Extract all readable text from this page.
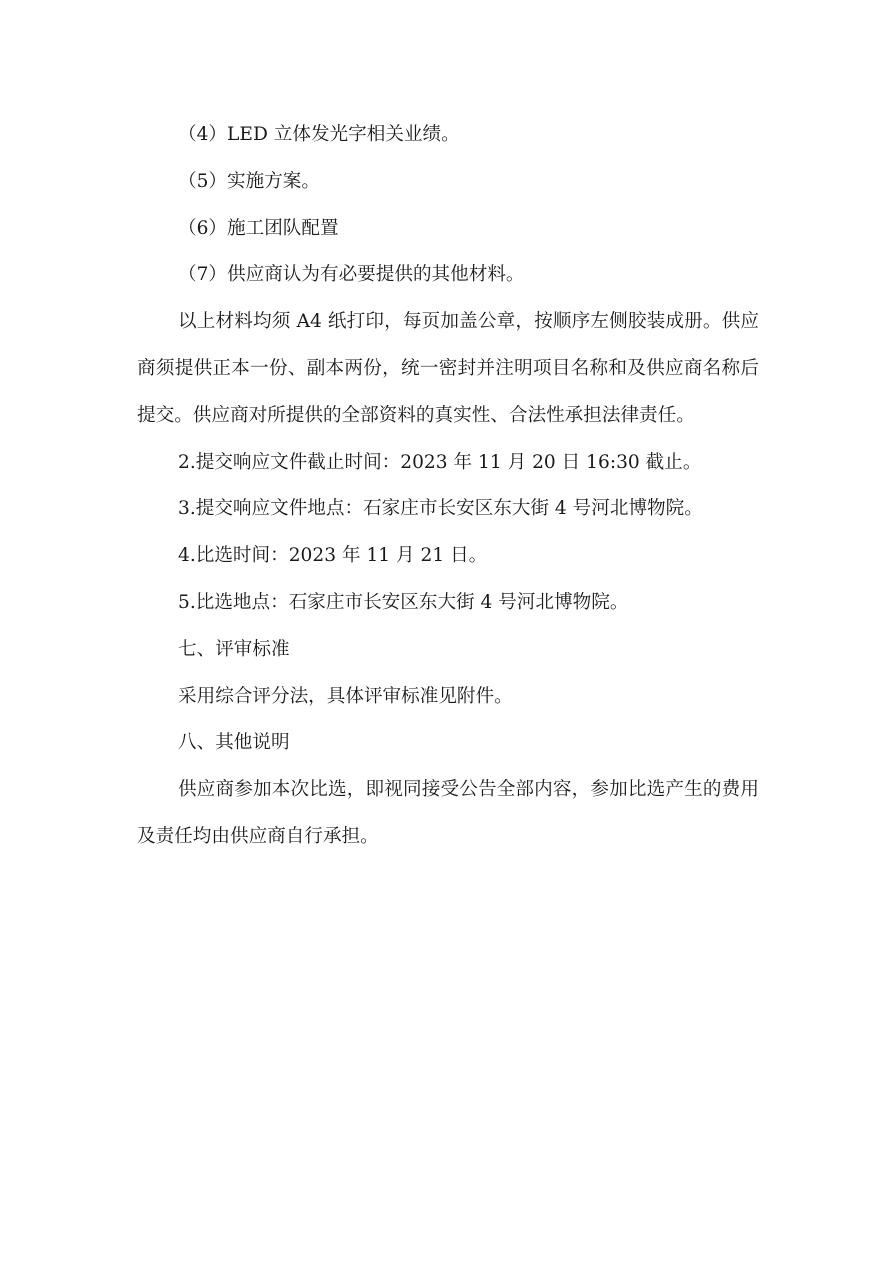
（4）LED 立体发光字相关业绩。

（5）实施方案。

（6）施工团队配置

（7）供应商认为有必要提供的其他材料。

以上材料均须 A4 纸打印，每页加盖公章，按顺序左侧胶装成册。供应商须提供正本一份、副本两份，统一密封并注明项目名称和及供应商名称后提交。供应商对所提供的全部资料的真实性、合法性承担法律责任。

2.提交响应文件截止时间：2023 年 11 月 20 日 16:30 截止。

3.提交响应文件地点：石家庄市长安区东大街 4 号河北博物院。

4.比选时间：2023 年 11 月 21 日。

5.比选地点：石家庄市长安区东大街 4 号河北博物院。

七、评审标准

采用综合评分法，具体评审标准见附件。

八、其他说明

供应商参加本次比选，即视同接受公告全部内容，参加比选产生的费用及责任均由供应商自行承担。
